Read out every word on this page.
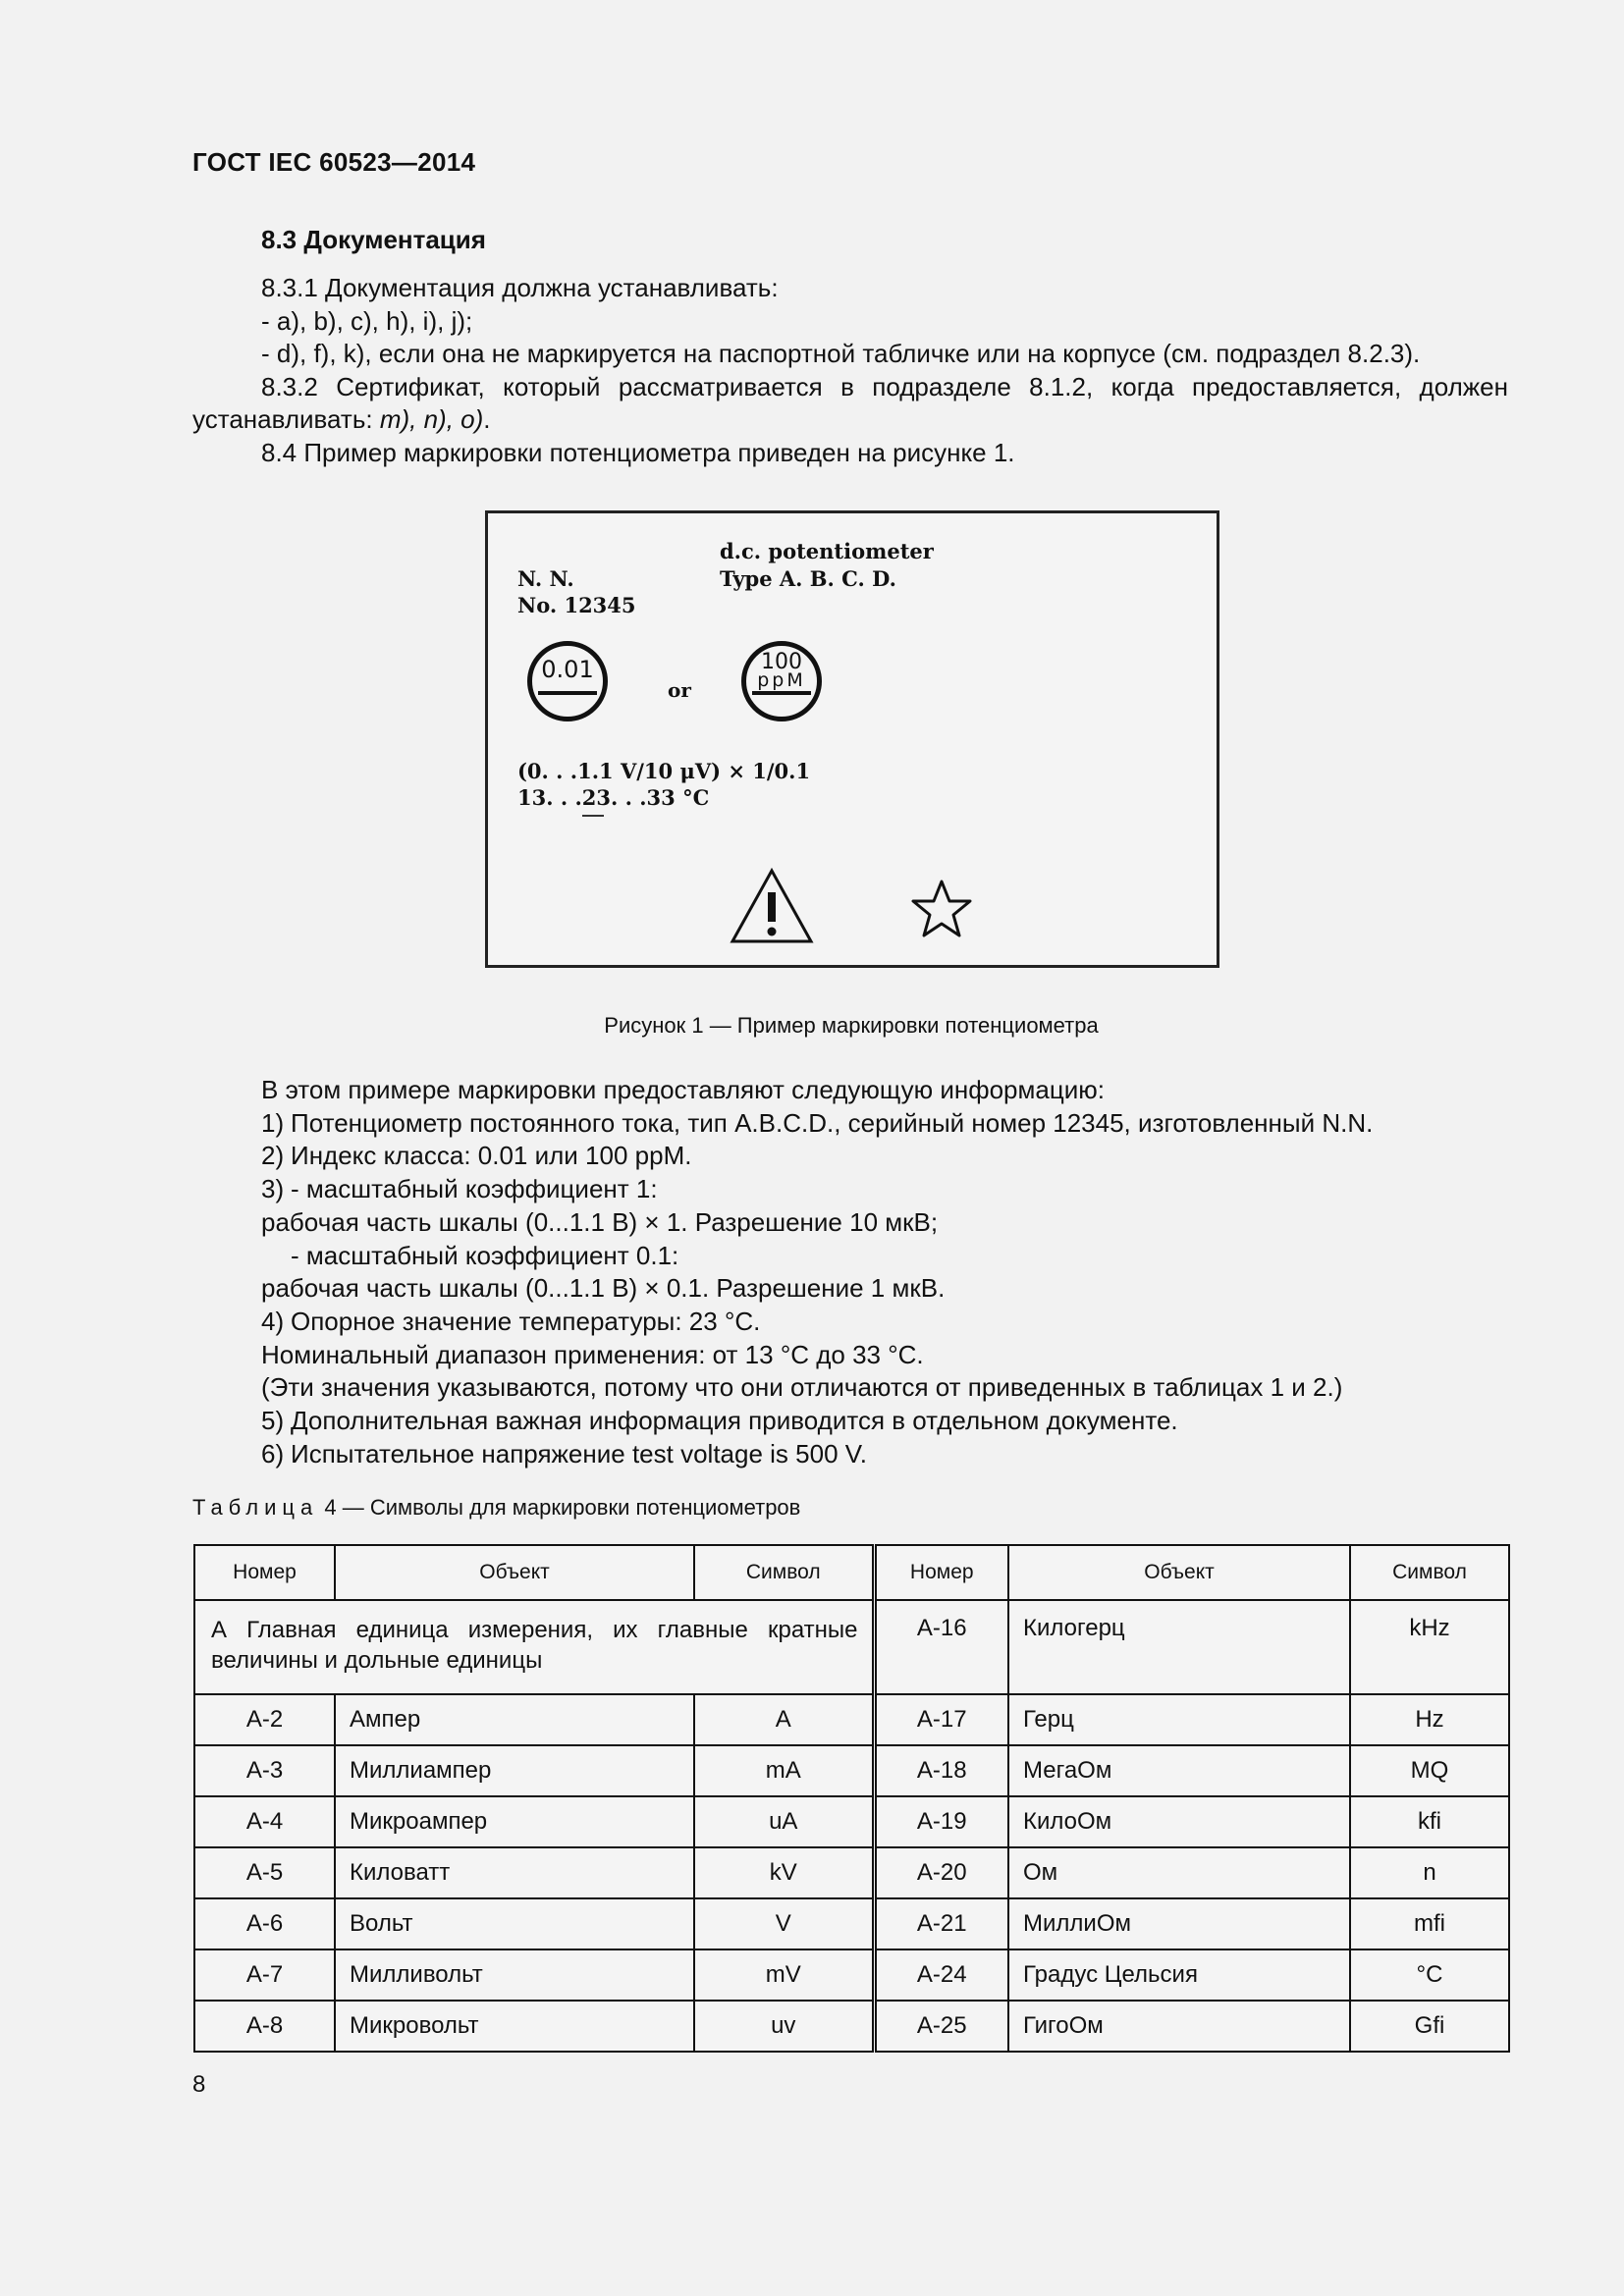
ГОСТ IEC 60523—2014
8.3 Документация

8.3.1 Документация должна устанавливать:

- a), b), c), h), i), j);

- d), f), k), если она не маркируется на паспортной табличке или на корпусе (см. подраздел 8.2.3).

8.3.2 Сертификат, который рассматривается в подразделе 8.1.2, когда предоставляется, должен

устанавливать: m), n), o).

8.4 Пример маркировки потенциометра приведен на рисунке 1.

d.c. potentiometer
N. N.	Type A. B. C. D.
No. 12345
0.01
or
100
ppM
(0. . .1.1 V/10 μV) × 1/0.1
13. . .23. . .33 °C
Рисунок 1 — Пример маркировки потенциометра

В этом примере маркировки предоставляют следующую информацию:

1) Потенциометр постоянного тока, тип A.B.C.D., серийный номер 12345, изготовленный N.N.

2) Индекс класса: 0.01 или 100 ppM.

3) - масштабный коэффициент 1:

рабочая часть шкалы (0...1.1 В) × 1. Разрешение 10 мкВ;

- масштабный коэффициент 0.1:

рабочая часть шкалы (0...1.1 В) × 0.1. Разрешение 1 мкВ.

4) Опорное значение температуры: 23 °С.

Номинальный диапазон применения: от 13 °С до 33 °С.

(Эти значения указываются, потому что они отличаются от приведенных в таблицах 1 и 2.)

5) Дополнительная важная информация приводится в отдельном документе.

6) Испытательное напряжение test voltage is 500 V.

Таблица 4 — Символы для маркировки потенциометров
Номер	Объект	Символ	Номер	Объект	Символ
А Главная единица измерения, их главные кратные величины и дольные единицы			А-16	Килогерц	kHz
А-2	Ампер	A	А-17	Герц	Hz
А-3	Миллиампер	mA	А-18	МегаОм	MQ
А-4	Микроампер	uA	А-19	КилоОм	kfi
А-5	Киловатт	kV	А-20	Ом	n
А-6	Вольт	V	А-21	МиллиОм	mfi
А-7	Милливольт	mV	А-24	Градус Цельсия	°C
А-8	Микровольт	uv	А-25	ГигоОм	Gfi
8
